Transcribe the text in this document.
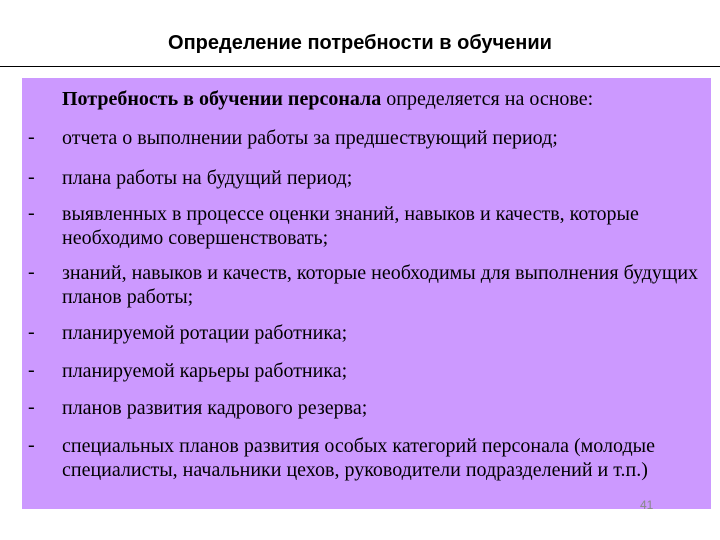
Определение потребности в обучении
Потребность в обучении персонала определяется на основе:
- отчета о выполнении работы за предшествующий период;
- плана работы на будущий период;
- выявленных в процессе оценки знаний, навыков и качеств, которые необходимо совершенствовать;
- знаний, навыков и качеств, которые необходимы для выполнения будущих планов работы;
- планируемой ротации работника;
- планируемой карьеры работника;
- планов развития кадрового резерва;
- специальных планов развития особых категорий персонала (молодые специалисты, начальники цехов, руководители подразделений и т.п.)
41
